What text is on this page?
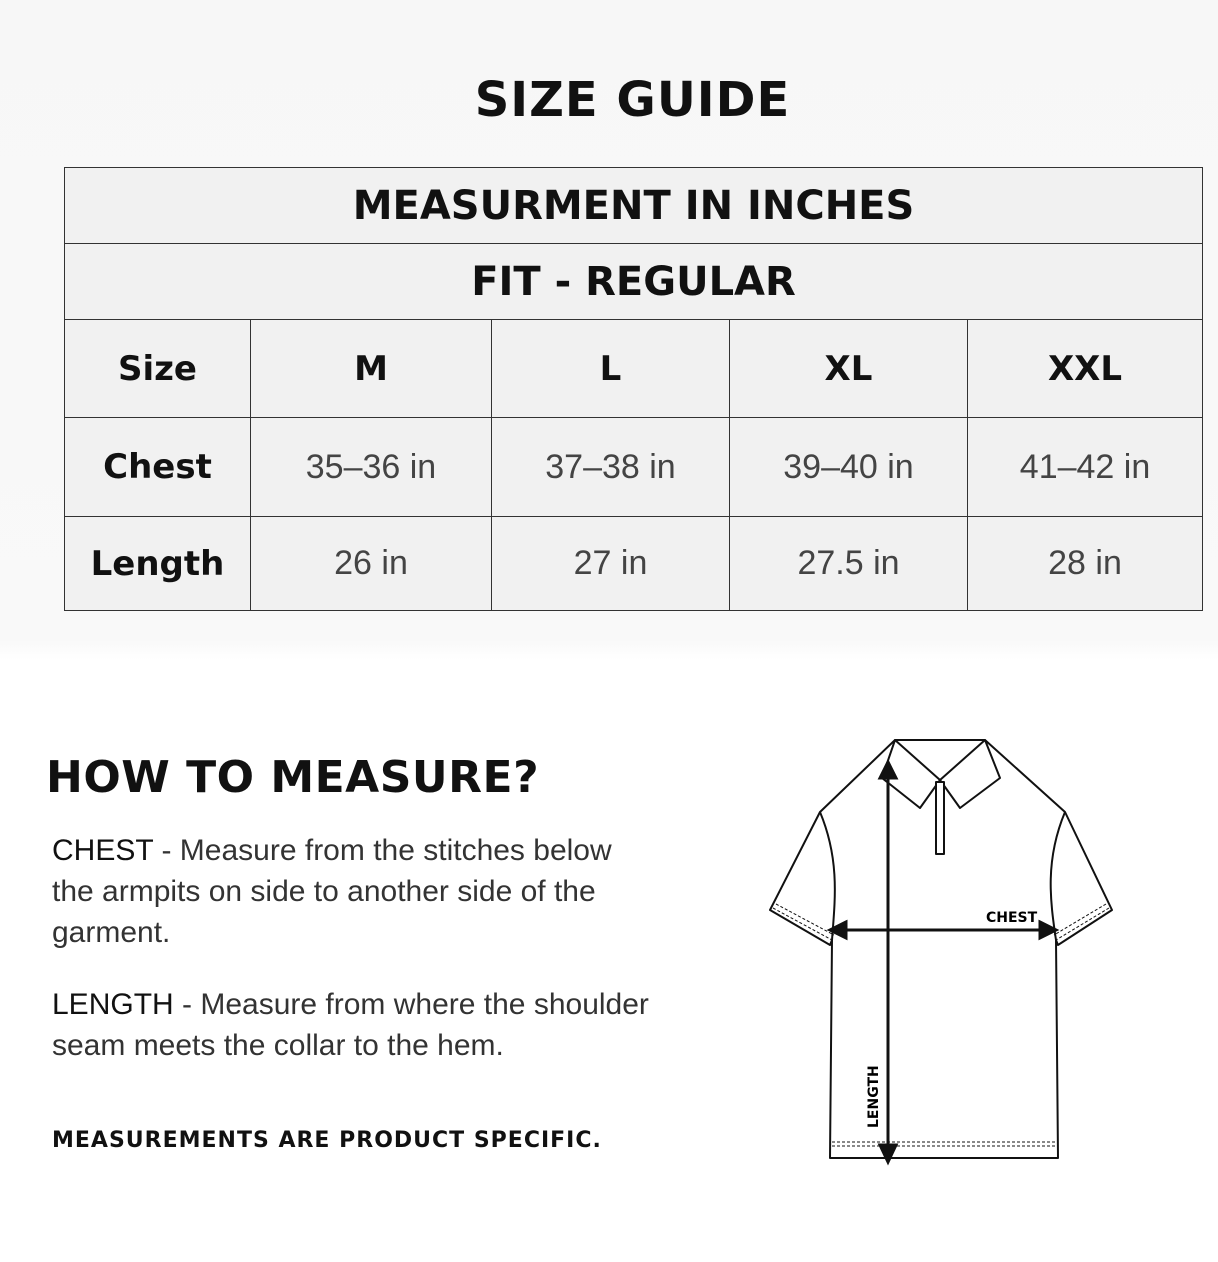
SIZE GUIDE
MEASURMENT IN INCHES				
FIT - REGULAR				
Size	M	L	XL	XXL
Chest	35–36 in	37–38 in	39–40 in	41–42 in
Length	26 in	27 in	27.5 in	28 in
HOW TO MEASURE?
CHEST - Measure from the stitches below the armpits on side to another side of the garment.
LENGTH - Measure from where the shoulder seam meets the collar to the hem.
MEASUREMENTS ARE PRODUCT SPECIFIC.
CHEST
LENGTH
